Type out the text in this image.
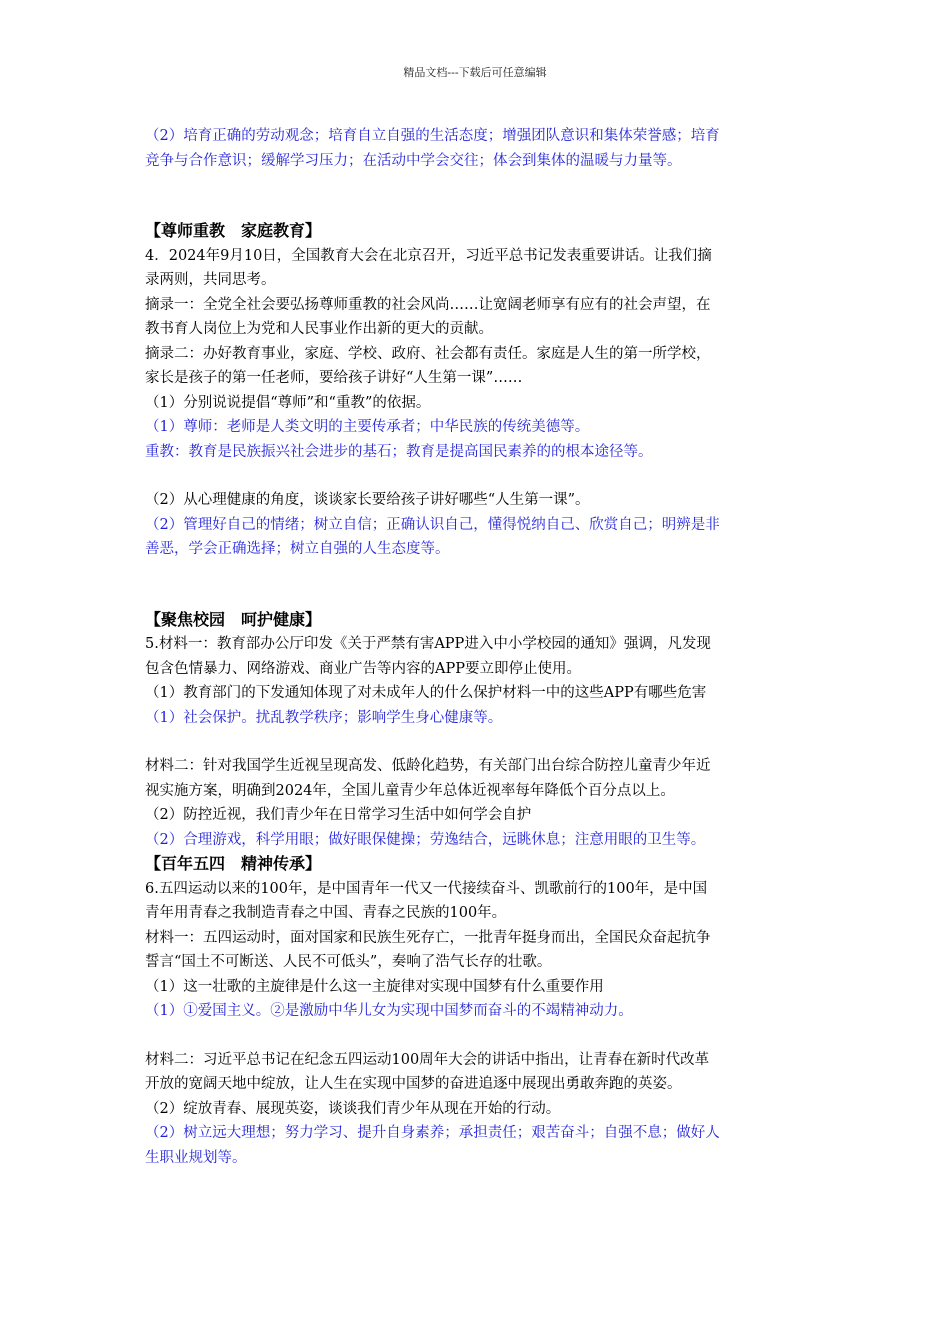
精品文档---下载后可任意编辑
（2）培育正确的劳动观念；培育自立自强的生活态度；增强团队意识和集体荣誉感；培育
竞争与合作意识；缓解学习压力；在活动中学会交往；体会到集体的温暖与力量等。
【尊师重教　家庭教育】
4．2024年9月10日，全国教育大会在北京召开，习近平总书记发表重要讲话。让我们摘
录两则，共同思考。
摘录一：全党全社会要弘扬尊师重教的社会风尚……让宽阔老师享有应有的社会声望，在
教书育人岗位上为党和人民事业作出新的更大的贡献。
摘录二：办好教育事业，家庭、学校、政府、社会都有责任。家庭是人生的第一所学校，
家长是孩子的第一任老师，要给孩子讲好“人生第一课”……
（1）分别说说提倡“尊师”和“重教”的依据。
（1）尊师：老师是人类文明的主要传承者；中华民族的传统美德等。
重教：教育是民族振兴社会进步的基石；教育是提高国民素养的的根本途径等。
（2）从心理健康的角度，谈谈家长要给孩子讲好哪些“人生第一课”。
（2）管理好自己的情绪；树立自信；正确认识自己，懂得悦纳自己、欣赏自己；明辨是非
善恶，学会正确选择；树立自强的人生态度等。
【聚焦校园　呵护健康】
5.材料一：教育部办公厅印发《关于严禁有害APP进入中小学校园的通知》强调，凡发现
包含色情暴力、网络游戏、商业广告等内容的APP要立即停止使用。
（1）教育部门的下发通知体现了对未成年人的什么保护材料一中的这些APP有哪些危害
（1）社会保护。扰乱教学秩序；影响学生身心健康等。
材料二：针对我国学生近视呈现高发、低龄化趋势，有关部门出台综合防控儿童青少年近
视实施方案，明确到2024年，全国儿童青少年总体近视率每年降低个百分点以上。
（2）防控近视，我们青少年在日常学习生活中如何学会自护
（2）合理游戏，科学用眼；做好眼保健操；劳逸结合，远眺休息；注意用眼的卫生等。
【百年五四　精神传承】
6.五四运动以来的100年，是中国青年一代又一代接续奋斗、凯歌前行的100年，是中国
青年用青春之我制造青春之中国、青春之民族的100年。
材料一：五四运动时，面对国家和民族生死存亡，一批青年挺身而出，全国民众奋起抗争
誓言“国土不可断送、人民不可低头”，奏响了浩气长存的壮歌。
（1）这一壮歌的主旋律是什么这一主旋律对实现中国梦有什么重要作用
（1）①爱国主义。②是激励中华儿女为实现中国梦而奋斗的不竭精神动力。
材料二：习近平总书记在纪念五四运动100周年大会的讲话中指出，让青春在新时代改革
开放的宽阔天地中绽放，让人生在实现中国梦的奋进追逐中展现出勇敢奔跑的英姿。
（2）绽放青春、展现英姿，谈谈我们青少年从现在开始的行动。
（2）树立远大理想；努力学习、提升自身素养；承担责任；艰苦奋斗；自强不息；做好人
生职业规划等。
